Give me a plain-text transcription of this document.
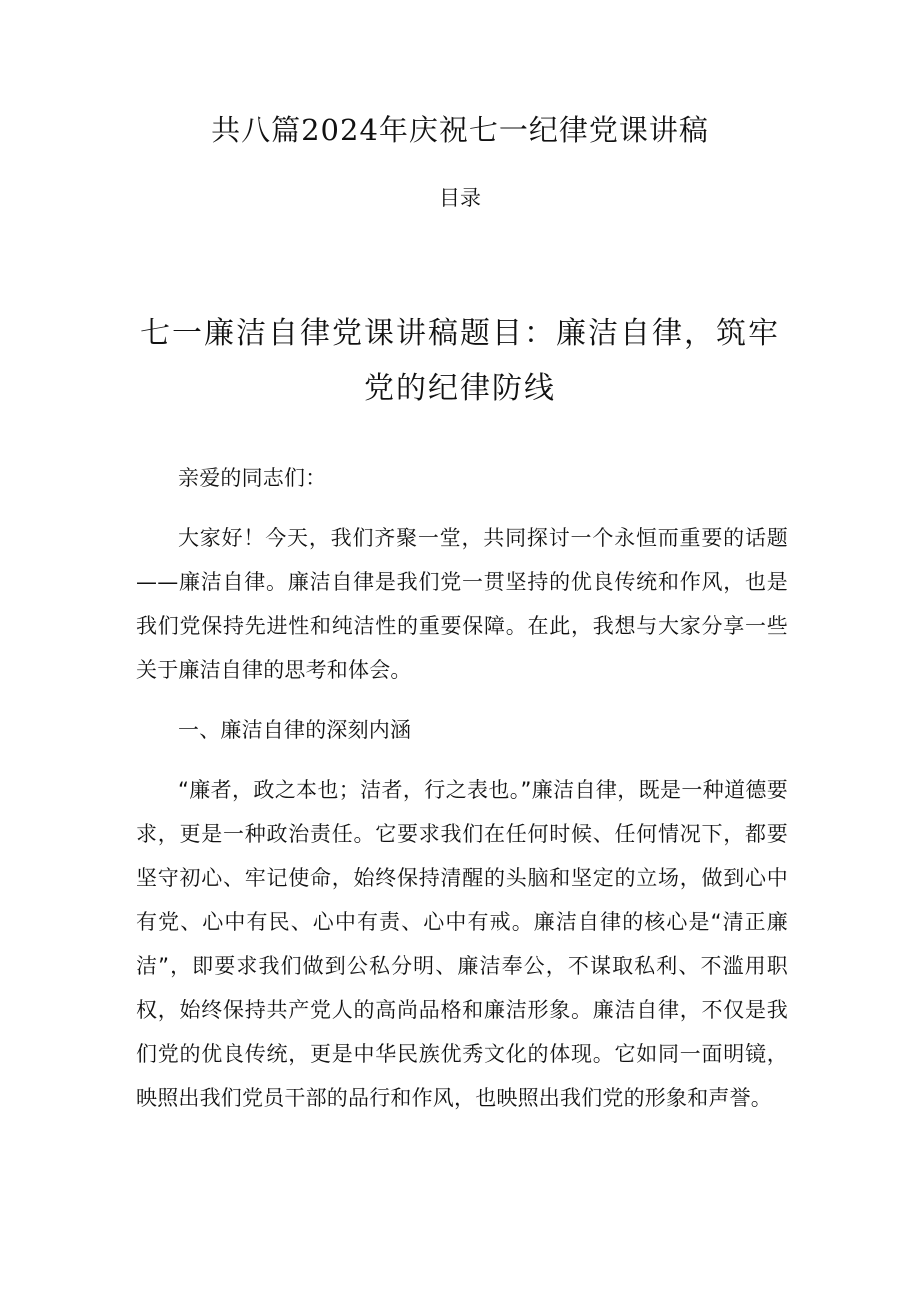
共八篇2024年庆祝七一纪律党课讲稿
目录
七一廉洁自律党课讲稿题目：廉洁自律，筑牢党的纪律防线

亲爱的同志们：

大家好！今天，我们齐聚一堂，共同探讨一个永恒而重要的话题——廉洁自律。廉洁自律是我们党一贯坚持的优良传统和作风，也是我们党保持先进性和纯洁性的重要保障。在此，我想与大家分享一些关于廉洁自律的思考和体会。

一、廉洁自律的深刻内涵

“廉者，政之本也；洁者，行之表也。”廉洁自律，既是一种道德要求，更是一种政治责任。它要求我们在任何时候、任何情况下，都要坚守初心、牢记使命，始终保持清醒的头脑和坚定的立场，做到心中有党、心中有民、心中有责、心中有戒。廉洁自律的核心是“清正廉洁”，即要求我们做到公私分明、廉洁奉公，不谋取私利、不滥用职权，始终保持共产党人的高尚品格和廉洁形象。廉洁自律，不仅是我们党的优良传统，更是中华民族优秀文化的体现。它如同一面明镜，映照出我们党员干部的品行和作风，也映照出我们党的形象和声誉。
